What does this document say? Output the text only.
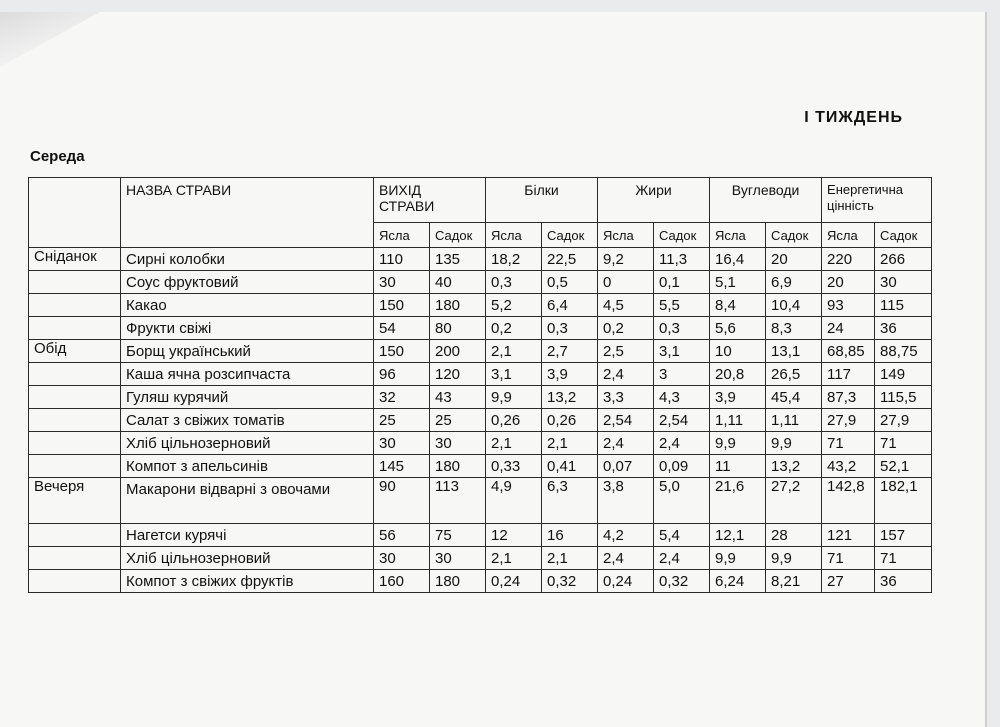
I ТИЖДЕНЬ
Середа
	НАЗВА СТРАВИ	ВИХІД СТРАВИ		Білки		Жири		Вуглеводи		Енергетична цінність	
		Ясла	Садок	Ясла	Садок	Ясла	Садок	Ясла	Садок	Ясла	Садок
Сніданок	Сирні колобки	110	135	18,2	22,5	9,2	11,3	16,4	20	220	266
	Соус фруктовий	30	40	0,3	0,5	0	0,1	5,1	6,9	20	30
	Какао	150	180	5,2	6,4	4,5	5,5	8,4	10,4	93	115
	Фрукти свіжі	54	80	0,2	0,3	0,2	0,3	5,6	8,3	24	36
Обід	Борщ український	150	200	2,1	2,7	2,5	3,1	10	13,1	68,85	88,75
	Каша ячна розсипчаста	96	120	3,1	3,9	2,4	3	20,8	26,5	117	149
	Гуляш курячий	32	43	9,9	13,2	3,3	4,3	3,9	45,4	87,3	115,5
	Салат з свіжих томатів	25	25	0,26	0,26	2,54	2,54	1,11	1,11	27,9	27,9
	Хліб цільнозерновий	30	30	2,1	2,1	2,4	2,4	9,9	9,9	71	71
	Компот з апельсинів	145	180	0,33	0,41	0,07	0,09	11	13,2	43,2	52,1
Вечеря	Макарони відварні з овочами	90	113	4,9	6,3	3,8	5,0	21,6	27,2	142,8	182,1
	Нагетси курячі	56	75	12	16	4,2	5,4	12,1	28	121	157
	Хліб цільнозерновий	30	30	2,1	2,1	2,4	2,4	9,9	9,9	71	71
	Компот з свіжих фруктів	160	180	0,24	0,32	0,24	0,32	6,24	8,21	27	36
